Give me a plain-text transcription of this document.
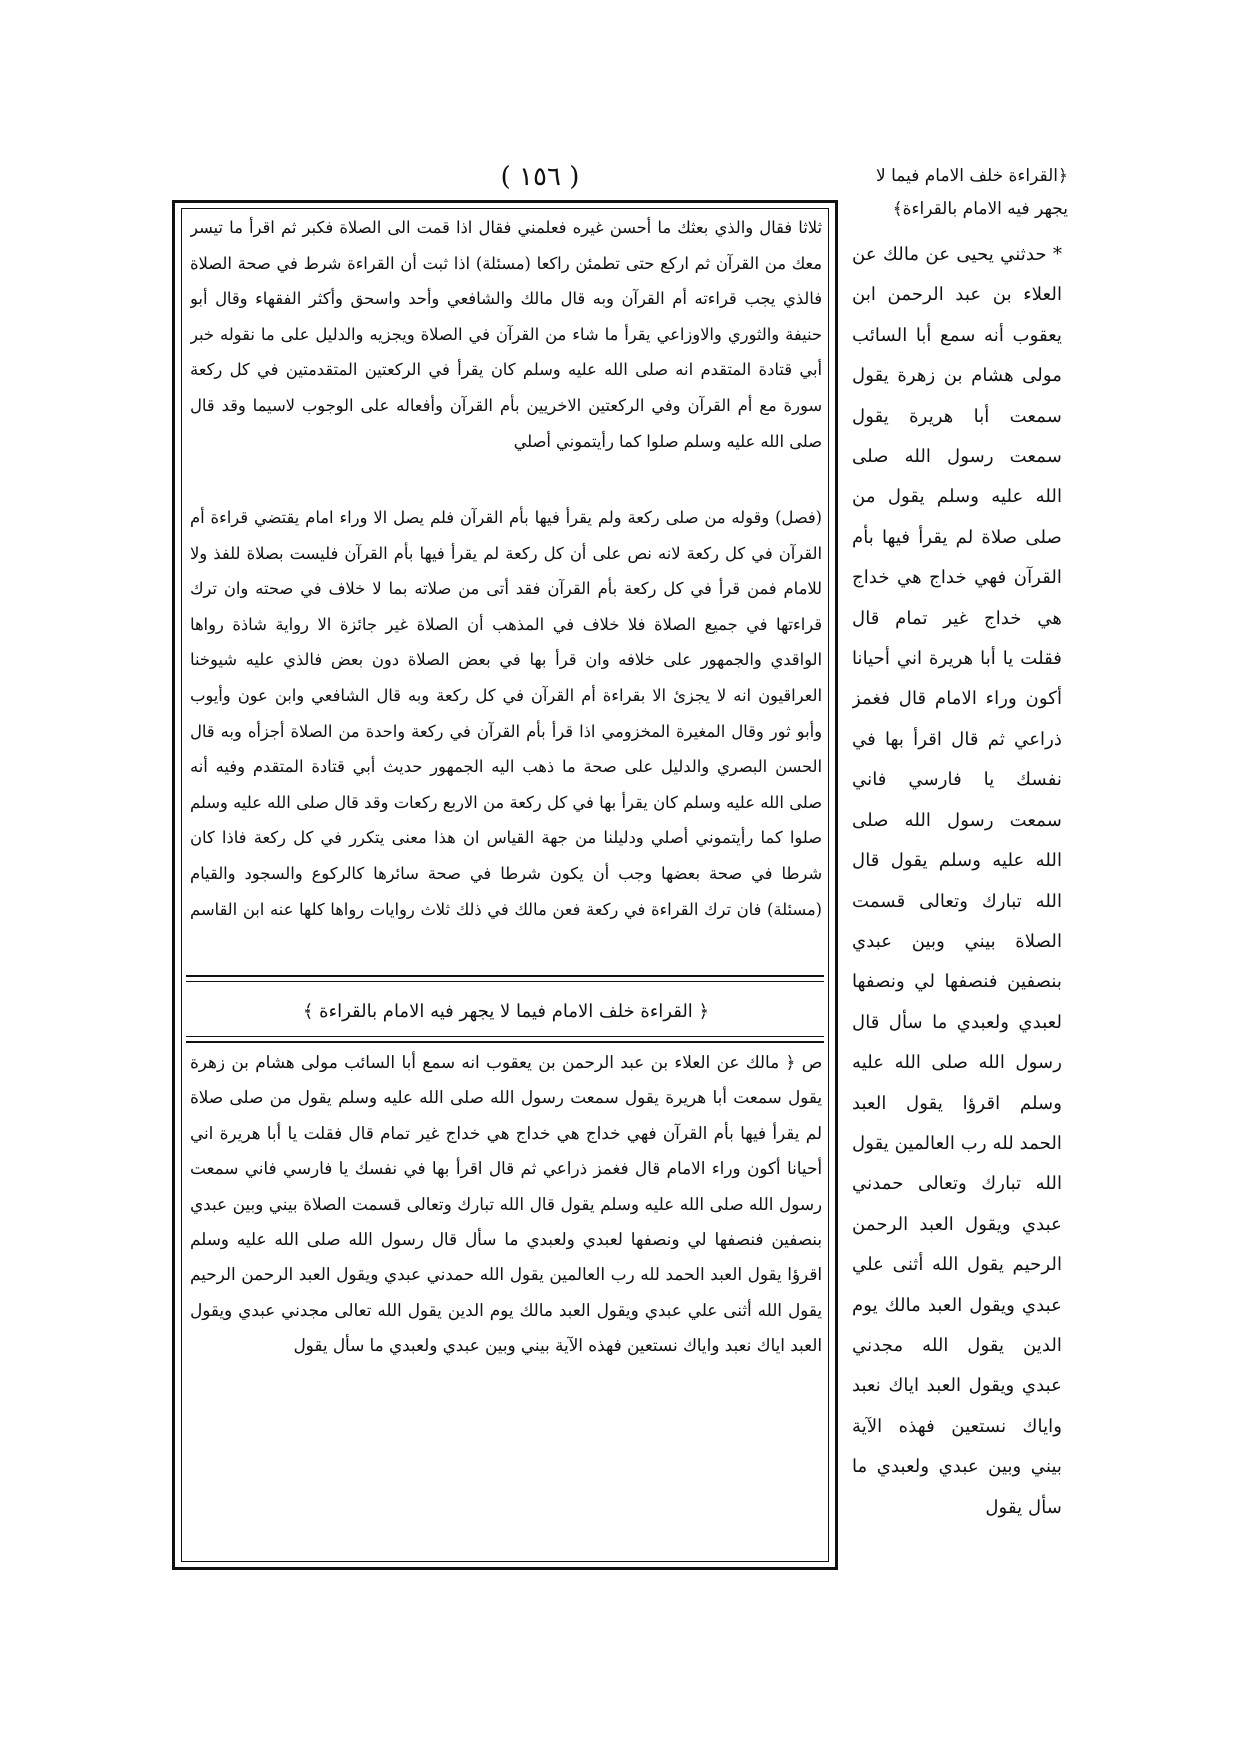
( ١٥٦ )	﴿القراءة خلف الامام فيما لا يجهر فيه الامام بالقراءة﴾
* حدثني يحيى عن مالك عن العلاء بن عبد الرحمن ابن يعقوب أنه سمع أبا السائب مولى هشام بن زهرة يقول سمعت أبا هريرة يقول سمعت رسول الله صلى الله عليه وسلم يقول من صلى صلاة لم يقرأ فيها بأم القرآن فهي خداج هي خداج هي خداج غير تمام قال فقلت يا أبا هريرة اني أحيانا أكون وراء الامام قال فغمز ذراعي ثم قال اقرأ بها في نفسك يا فارسي فاني سمعت رسول الله صلى الله عليه وسلم يقول قال الله تبارك وتعالى قسمت الصلاة بيني وبين عبدي بنصفين فنصفها لي ونصفها لعبدي ولعبدي ما سأل قال رسول الله صلى الله عليه وسلم اقرؤا يقول العبد الحمد لله رب العالمين يقول الله تبارك وتعالى حمدني عبدي ويقول العبد الرحمن الرحيم يقول الله أثنى علي عبدي ويقول العبد مالك يوم الدين يقول الله مجدني عبدي ويقول العبد اياك نعبد واياك نستعين فهذه الآية بيني وبين عبدي ولعبدي ما سأل يقول
ثلاثا فقال والذي بعثك ما أحسن غيره فعلمني فقال اذا قمت الى الصلاة فكبر ثم اقرأ ما تيسر معك من القرآن ثم اركع حتى تطمئن راكعا (مسئلة) اذا ثبت أن القراءة شرط في صحة الصلاة فالذي يجب قراءته أم القرآن وبه قال مالك والشافعي وأحد واسحق وأكثر الفقهاء وقال أبو حنيفة والثوري والاوزاعي يقرأ ما شاء من القرآن في الصلاة ويجزيه والدليل على ما نقوله خبر أبي قتادة المتقدم انه صلى الله عليه وسلم كان يقرأ في الركعتين المتقدمتين في كل ركعة سورة مع أم القرآن وفي الركعتين الاخريين بأم القرآن وأفعاله على الوجوب لاسيما وقد قال صلى الله عليه وسلم صلوا كما رأيتموني أصلي
(فصل) وقوله من صلى ركعة ولم يقرأ فيها بأم القرآن فلم يصل الا وراء امام يقتضي قراءة أم القرآن في كل ركعة لانه نص على أن كل ركعة لم يقرأ فيها بأم القرآن فليست بصلاة للفذ ولا للامام فمن قرأ في كل ركعة بأم القرآن فقد أتى من صلاته بما لا خلاف في صحته وان ترك قراءتها في جميع الصلاة فلا خلاف في المذهب أن الصلاة غير جائزة الا رواية شاذة رواها الواقدي والجمهور على خلافه وان قرأ بها في بعض الصلاة دون بعض فالذي عليه شيوخنا العراقيون انه لا يجزئ الا بقراءة أم القرآن في كل ركعة وبه قال الشافعي وابن عون وأيوب وأبو ثور وقال المغيرة المخزومي اذا قرأ بأم القرآن في ركعة واحدة من الصلاة أجزأه وبه قال الحسن البصري والدليل على صحة ما ذهب اليه الجمهور حديث أبي قتادة المتقدم وفيه أنه صلى الله عليه وسلم كان يقرأ بها في كل ركعة من الاربع ركعات وقد قال صلى الله عليه وسلم صلوا كما رأيتموني أصلي ودليلنا من جهة القياس ان هذا معنى يتكرر في كل ركعة فاذا كان شرطا في صحة بعضها وجب أن يكون شرطا في صحة سائرها كالركوع والسجود والقيام (مسئلة) فان ترك القراءة في ركعة فعن مالك في ذلك ثلاث روايات رواها كلها عنه ابن القاسم
﴿ القراءة خلف الامام فيما لا يجهر فيه الامام بالقراءة ﴾
ص ﴿ مالك عن العلاء بن عبد الرحمن بن يعقوب انه سمع أبا السائب مولى هشام بن زهرة يقول سمعت أبا هريرة يقول سمعت رسول الله صلى الله عليه وسلم يقول من صلى صلاة لم يقرأ فيها بأم القرآن فهي خداج هي خداج هي خداج غير تمام قال فقلت يا أبا هريرة اني أحيانا أكون وراء الامام قال فغمز ذراعي ثم قال اقرأ بها في نفسك يا فارسي فاني سمعت رسول الله صلى الله عليه وسلم يقول قال الله تبارك وتعالى قسمت الصلاة بيني وبين عبدي بنصفين فنصفها لي ونصفها لعبدي ولعبدي ما سأل قال رسول الله صلى الله عليه وسلم اقرؤا يقول العبد الحمد لله رب العالمين يقول الله حمدني عبدي ويقول العبد الرحمن الرحيم يقول الله أثنى علي عبدي ويقول العبد مالك يوم الدين يقول الله تعالى مجدني عبدي ويقول العبد اياك نعبد واياك نستعين فهذه الآية بيني وبين عبدي ولعبدي ما سأل يقول
